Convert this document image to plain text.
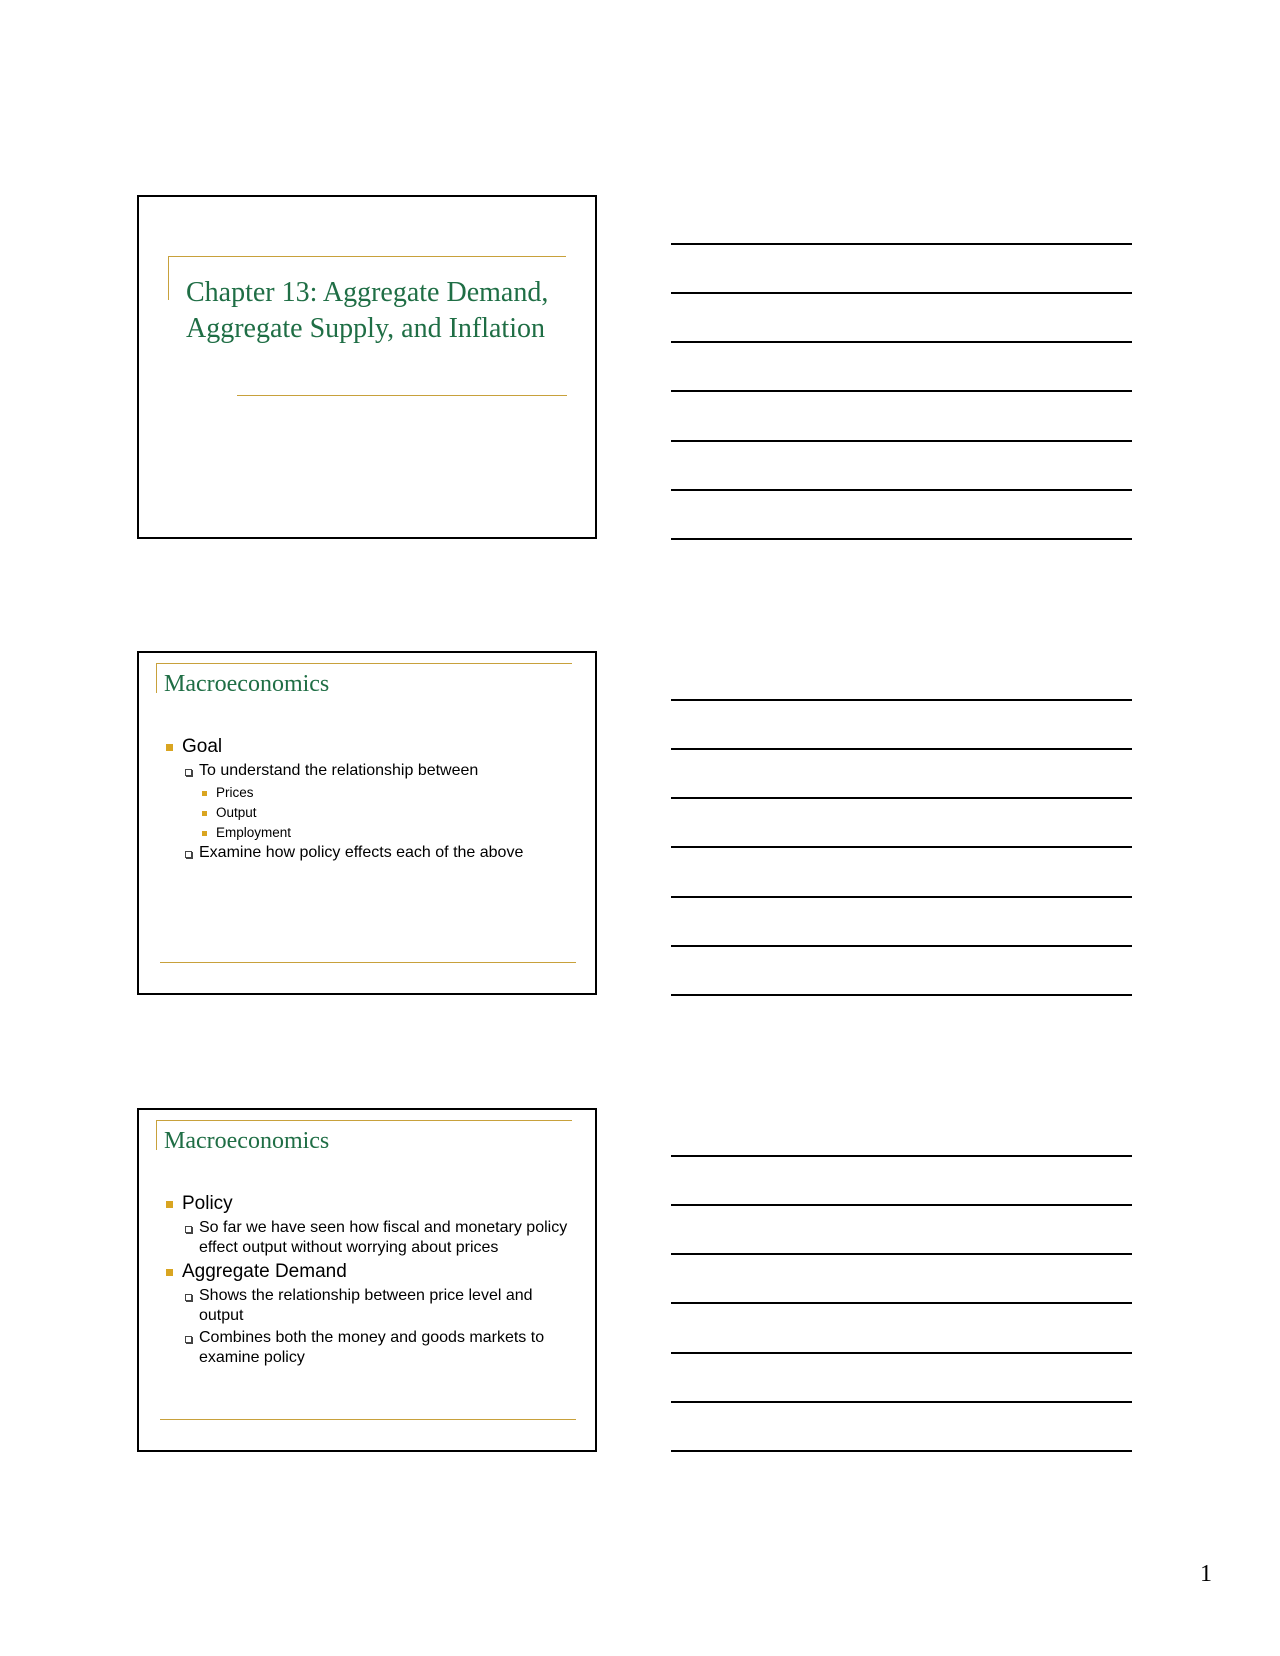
Chapter 13: Aggregate Demand, Aggregate Supply, and Inflation
Macroeconomics
Goal
To understand the relationship between
Prices
Output
Employment
Examine how policy effects each of the above
Macroeconomics
Policy
So far we have seen how fiscal and monetary policy effect output without worrying about prices
Aggregate Demand
Shows the relationship between price level and output
Combines both the money and goods markets to examine policy
1
